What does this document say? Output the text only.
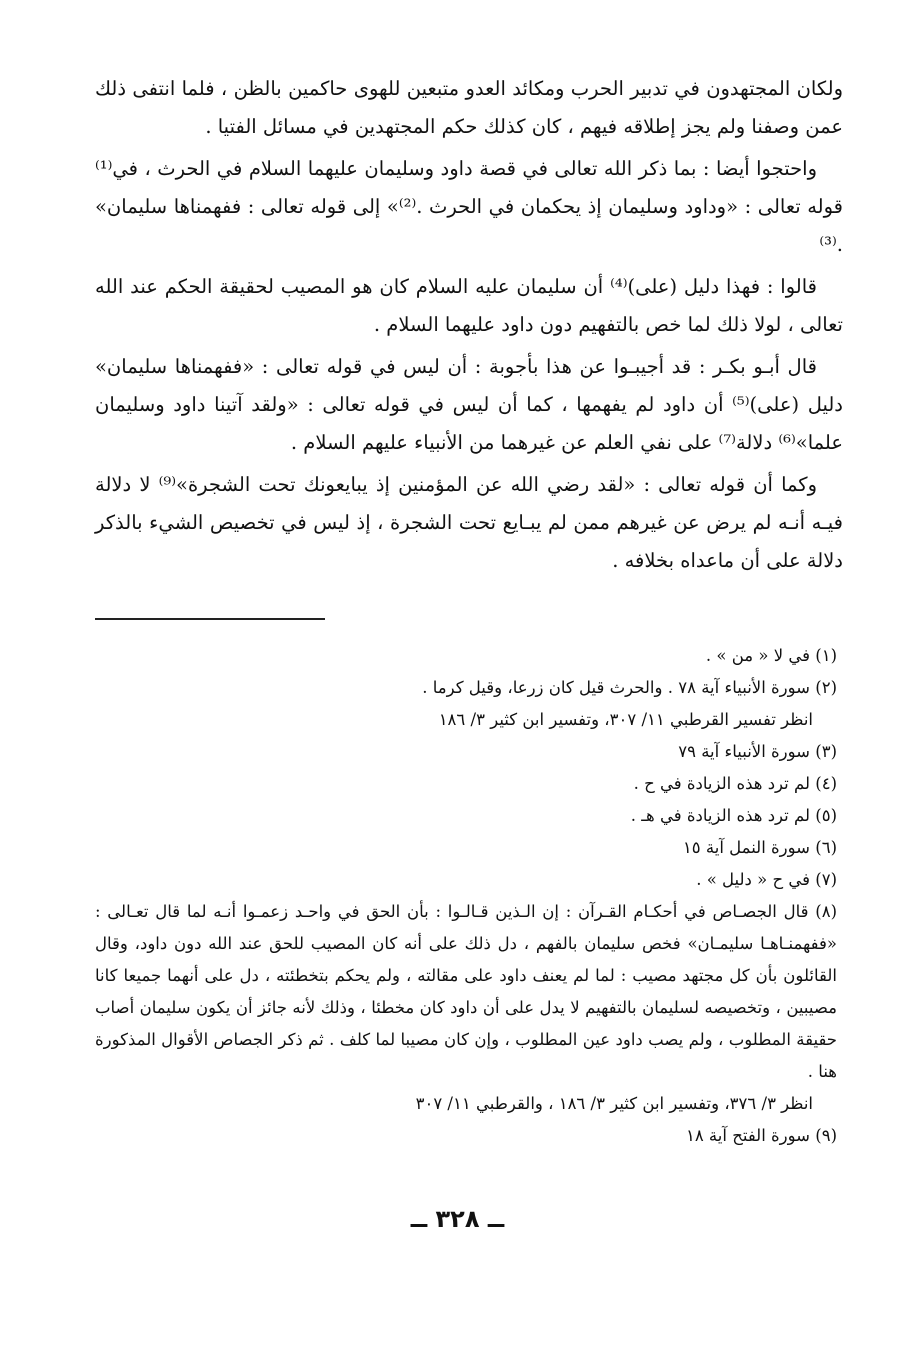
ولكان المجتهدون في تدبير الحرب ومكائد العدو متبعين للهوى حاكمين بالظن ، فلما انتفى ذلك عمن وصفنا ولم يجز إطلاقه فيهم ، كان كذلك حكم المجتهدين في مسائل الفتيا .

واحتجوا أيضا : بما ذكر الله تعالى في قصة داود وسليمان عليهما السلام في الحرث ، في⁽¹⁾ قوله تعالى : «وداود وسليمان إذ يحكمان في الحرث .⁽²⁾» إلى قوله تعالى : ففهمناها سليمان» .⁽³⁾

قالوا : فهذا دليل (على)⁽⁴⁾ أن سليمان عليه السلام كان هو المصيب لحقيقة الحكم عند الله تعالى ، لولا ذلك لما خص بالتفهيم دون داود عليهما السلام .

قال أبـو بكـر : قد أجيبـوا عن هذا بأجوبة : أن ليس في قوله تعالى : «ففهمناها سليمان» دليل (على)⁽⁵⁾ أن داود لم يفهمها ، كما أن ليس في قوله تعالى : «ولقد آتينا داود وسليمان علما»⁽⁶⁾ دلالة⁽⁷⁾ على نفي العلم عن غيرهما من الأنبياء عليهم السلام .

وكما أن قوله تعالى : «لقد رضي الله عن المؤمنين إذ يبايعونك تحت الشجرة»⁽⁹⁾ لا دلالة فيـه أنـه لم يرض عن غيرهم ممن لم يبـايع تحت الشجرة ، إذ ليس في تخصيص الشيء بالذكر دلالة على أن ماعداه بخلافه .

(١) في لا « من » .

(٢) سورة الأنبياء آية ٧٨ . والحرث قيل كان زرعا، وقيل كرما .

انظر تفسير القرطبي ١١/ ٣٠٧، وتفسير ابن كثير ٣/ ١٨٦

(٣) سورة الأنبياء آية ٧٩

(٤) لم ترد هذه الزيادة في ح .

(٥) لم ترد هذه الزيادة في هـ .

(٦) سورة النمل آية ١٥

(٧) في ح « دليل » .

(٨) قال الجصـاص في أحكـام القـرآن : إن الـذين قـالـوا : بأن الحق في واحـد زعمـوا أنـه لما قال تعـالى : «ففهمنـاهـا سليمـان» فخص سليمان بالفهم ، دل ذلك على أنه كان المصيب للحق عند الله دون داود، وقال القائلون بأن كل مجتهد مصيب : لما لم يعنف داود على مقالته ، ولم يحكم بتخطئته ، دل على أنهما جميعا كانا مصيبين ، وتخصيصه لسليمان بالتفهيم لا يدل على أن داود كان مخطئا ، وذلك لأنه جائز أن يكون سليمان أصاب حقيقة المطلوب ، ولم يصب داود عين المطلوب ، وإن كان مصيبا لما كلف . ثم ذكر الجصاص الأقوال المذكورة هنا .

انظر ٣/ ٣٧٦، وتفسير ابن كثير ٣/ ١٨٦ ، والقرطبي ١١/ ٣٠٧

(٩) سورة الفتح آية ١٨

ــ ٣٢٨ ــ
